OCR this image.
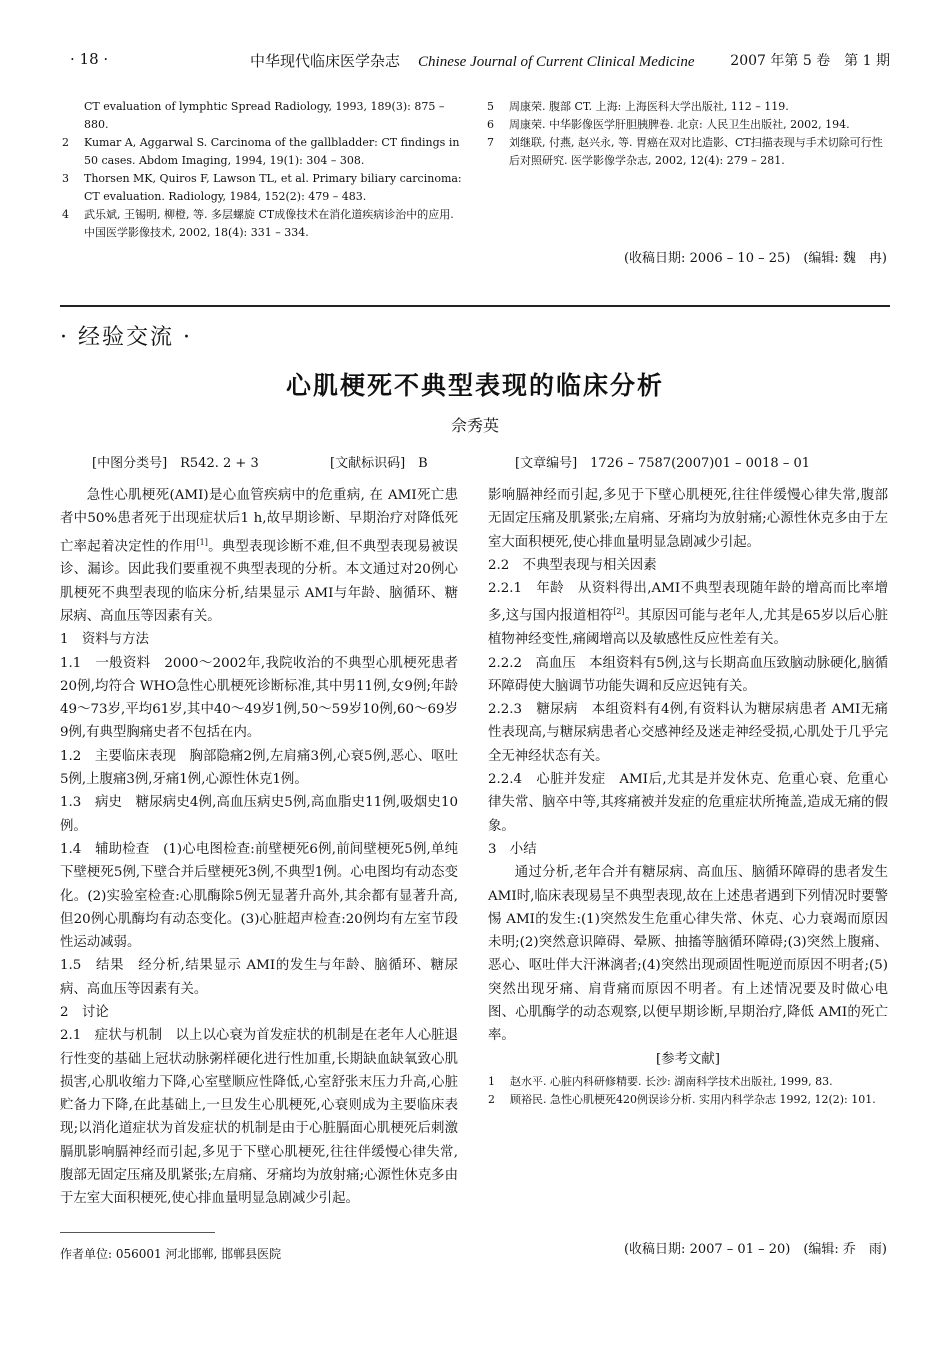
· 18 ·	中华现代临床医学杂志 Chinese Journal of Current Clinical Medicine	2007 年第 5 卷　第 1 期
CT evaluation of lymphtic Spread Radiology, 1993, 189(3): 875 – 880.
2	Kumar A, Aggarwal S. Carcinoma of the gallbladder: CT findings in 50 cases. Abdom Imaging, 1994, 19(1): 304 – 308.
3	Thorsen MK, Quiros F, Lawson TL, et al. Primary biliary carcinoma: CT evaluation. Radiology, 1984, 152(2): 479 – 483.
4	武乐斌, 王锡明, 柳橙, 等. 多层螺旋 CT成像技术在消化道疾病诊治中的应用. 中国医学影像技术, 2002, 18(4): 331 – 334.
5	周康荣. 腹部 CT. 上海: 上海医科大学出版社, 112 – 119.
6	周康荣. 中华影像医学肝胆胰脾卷. 北京: 人民卫生出版社, 2002, 194.
7	刘继联, 付燕, 赵兴永, 等. 胃癌在双对比造影、CT扫描表现与手术切除可行性后对照研究. 医学影像学杂志, 2002, 12(4): 279 – 281.
(收稿日期: 2006 – 10 – 25)　(编辑: 魏　冉)
· 经验交流 ·
心肌梗死不典型表现的临床分析
佘秀英
[中图分类号]　R542. 2 + 3	[文献标识码]　B	[文章编号]　1726 – 7587(2007)01 – 0018 – 01

急性心肌梗死(AMI)是心血管疾病中的危重病, 在 AMI死亡患者中50%患者死于出现症状后1 h,故早期诊断、早期治疗对降低死亡率起着决定性的作用[1]。典型表现诊断不难,但不典型表现易被误诊、漏诊。因此我们要重视不典型表现的分析。本文通过对20例心肌梗死不典型表现的临床分析,结果显示 AMI与年龄、脑循环、糖尿病、高血压等因素有关。

1　资料与方法

1.1　一般资料　2000～2002年,我院收治的不典型心肌梗死患者20例,均符合 WHO急性心肌梗死诊断标准,其中男11例,女9例;年龄49～73岁,平均61岁,其中40～49岁1例,50～59岁10例,60～69岁9例,有典型胸痛史者不包括在内。

1.2　主要临床表现　胸部隐痛2例,左肩痛3例,心衰5例,恶心、呕吐5例,上腹痛3例,牙痛1例,心源性休克1例。

1.3　病史　糖尿病史4例,高血压病史5例,高血脂史11例,吸烟史10例。

1.4　辅助检查　(1)心电图检查:前壁梗死6例,前间壁梗死5例,单纯下壁梗死5例,下壁合并后壁梗死3例,不典型1例。心电图均有动态变化。(2)实验室检查:心肌酶除5例无显著升高外,其余都有显著升高,但20例心肌酶均有动态变化。(3)心脏超声检查:20例均有左室节段性运动减弱。

1.5　结果　经分析,结果显示 AMI的发生与年龄、脑循环、糖尿病、高血压等因素有关。

2　讨论

2.1　症状与机制　以上以心衰为首发症状的机制是在老年人心脏退行性变的基础上冠状动脉粥样硬化进行性加重,长期缺血缺氧致心肌损害,心肌收缩力下降,心室壁顺应性降低,心室舒张末压力升高,心脏贮备力下降,在此基础上,一旦发生心肌梗死,心衰则成为主要临床表现;以消化道症状为首发症状的机制是由于心脏膈面心肌梗死后刺激膈肌影响膈神经而引起,多见于下壁心肌梗死,往往伴缓慢心律失常,腹部无固定压痛及肌紧张;左肩痛、牙痛均为放射痛;心源性休克多由于左室大面积梗死,使心排血量明显急剧减少引起。

影响膈神经而引起,多见于下壁心肌梗死,往往伴缓慢心律失常,腹部无固定压痛及肌紧张;左肩痛、牙痛均为放射痛;心源性休克多由于左室大面积梗死,使心排血量明显急剧减少引起。

2.2　不典型表现与相关因素

2.2.1　年龄　从资料得出,AMI不典型表现随年龄的增高而比率增多,这与国内报道相符[2]。其原因可能与老年人,尤其是65岁以后心脏植物神经变性,痛阈增高以及敏感性反应性差有关。

2.2.2　高血压　本组资料有5例,这与长期高血压致脑动脉硬化,脑循环障碍使大脑调节功能失调和反应迟钝有关。

2.2.3　糖尿病　本组资料有4例,有资料认为糖尿病患者 AMI无痛性表现高,与糖尿病患者心交感神经及迷走神经受损,心肌处于几乎完全无神经状态有关。

2.2.4　心脏并发症　AMI后,尤其是并发休克、危重心衰、危重心律失常、脑卒中等,其疼痛被并发症的危重症状所掩盖,造成无痛的假象。

3　小结

通过分析,老年合并有糖尿病、高血压、脑循环障碍的患者发生 AMI时,临床表现易呈不典型表现,故在上述患者遇到下列情况时要警惕 AMI的发生:(1)突然发生危重心律失常、休克、心力衰竭而原因未明;(2)突然意识障碍、晕厥、抽搐等脑循环障碍;(3)突然上腹痛、恶心、呕吐伴大汗淋漓者;(4)突然出现顽固性呃逆而原因不明者;(5)突然出现牙痛、肩背痛而原因不明者。有上述情况要及时做心电图、心肌酶学的动态观察,以便早期诊断,早期治疗,降低 AMI的死亡率。

[参考文献]

1	赵水平. 心脏内科研修精要. 长沙: 湖南科学技术出版社, 1999, 83.
2	顾裕民. 急性心肌梗死420例误诊分析. 实用内科学杂志 1992, 12(2): 101.
(收稿日期: 2007 – 01 – 20)　(编辑: 乔　雨)
作者单位: 056001 河北邯郸, 邯郸县医院
